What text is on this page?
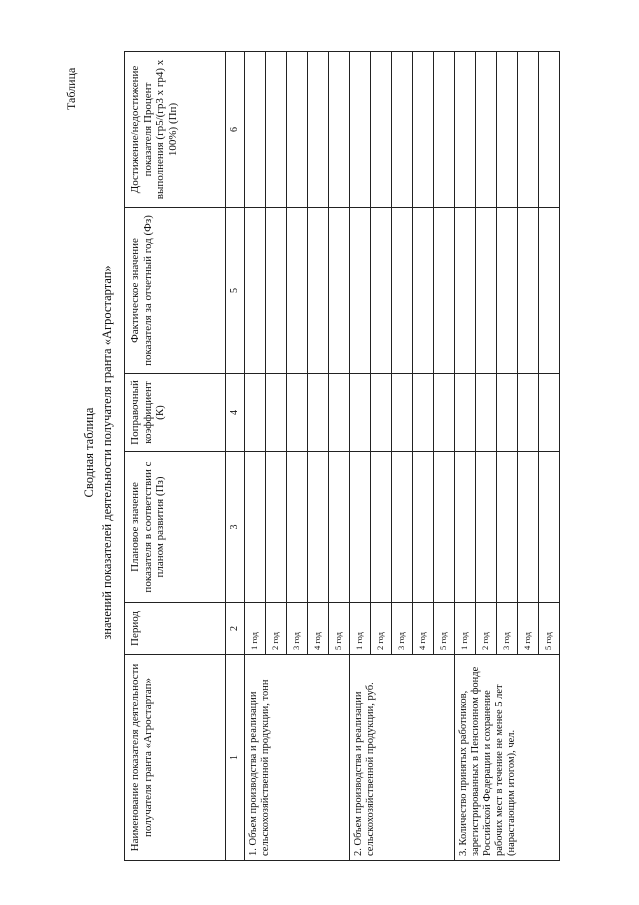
Таблица
Сводная таблица значений показателей деятельности получателя гранта «Агростартап»
Наименование показателя деятельности получателя гранта «Агростартап»	Период	Плановое значение показателя в соответствии с планом развития (Пз)	Поправочный коэффициент (К)	Фактическое значение показателя за отчетный год (Фз)	Достижение/недостижение показателя Процент выполнения (гр5/(гр3 х гр4) х 100%) (Пп)
1	2	3	4	5	6
1. Объем производства и реализации сельскохозяйственной продукции, тонн	1 год				
	2 год				
	3 год				
	4 год				
	5 год				
2. Объем производства и реализации сельскохозяйственной продукции, руб.	1 год				
	2 год				
	3 год				
	4 год				
	5 год				
3. Количество принятых работников, зарегистрированных в Пенсионном фонде Российской Федерации и сохранение рабочих мест в течение не менее 5 лет (нарастающим итогом), чел.	1 год				
	2 год				
	3 год				
	4 год				
	5 год				
